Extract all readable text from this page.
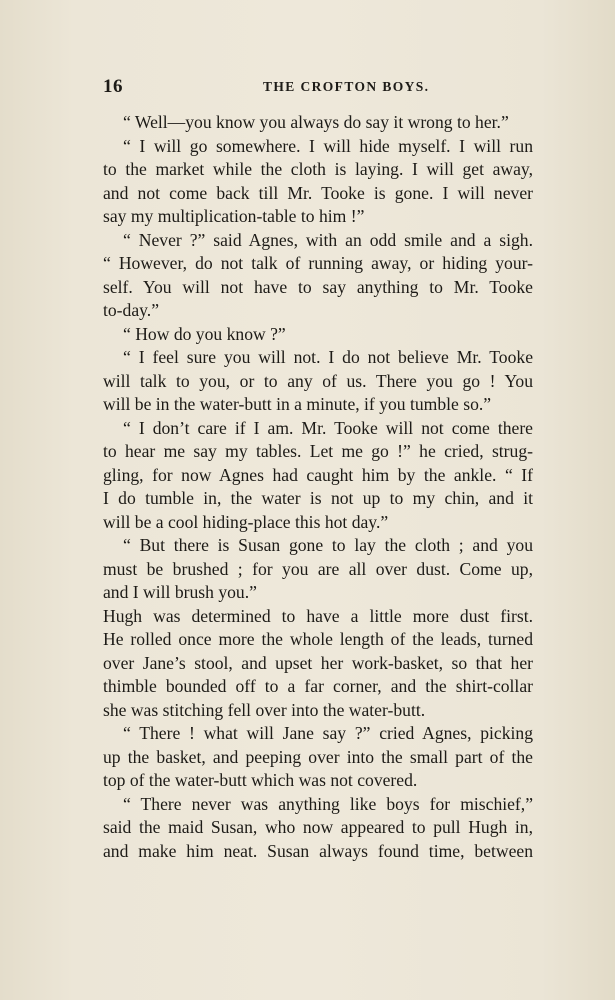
16	THE CROFTON BOYS.
“ Well—you know you always do say it wrong to her.”
“ I will go somewhere. I will hide myself. I will run
to the market while the cloth is laying. I will get away,
and not come back till Mr. Tooke is gone. I will never
say my multiplication-table to him !”
“ Never ?” said Agnes, with an odd smile and a sigh.
“ However, do not talk of running away, or hiding your-
self. You will not have to say anything to Mr. Tooke
to-day.”
“ How do you know ?”
“ I feel sure you will not. I do not believe Mr. Tooke
will talk to you, or to any of us. There you go ! You
will be in the water-butt in a minute, if you tumble so.”
“ I don’t care if I am. Mr. Tooke will not come there
to hear me say my tables. Let me go !” he cried, strug-
gling, for now Agnes had caught him by the ankle. “ If
I do tumble in, the water is not up to my chin, and it
will be a cool hiding-place this hot day.”
“ But there is Susan gone to lay the cloth ; and you
must be brushed ; for you are all over dust. Come up,
and I will brush you.”
Hugh was determined to have a little more dust first.
He rolled once more the whole length of the leads, turned
over Jane’s stool, and upset her work-basket, so that her
thimble bounded off to a far corner, and the shirt-collar
she was stitching fell over into the water-butt.
“ There ! what will Jane say ?” cried Agnes, picking
up the basket, and peeping over into the small part of the
top of the water-butt which was not covered.
“ There never was anything like boys for mischief,”
said the maid Susan, who now appeared to pull Hugh in,
and make him neat. Susan always found time, between
